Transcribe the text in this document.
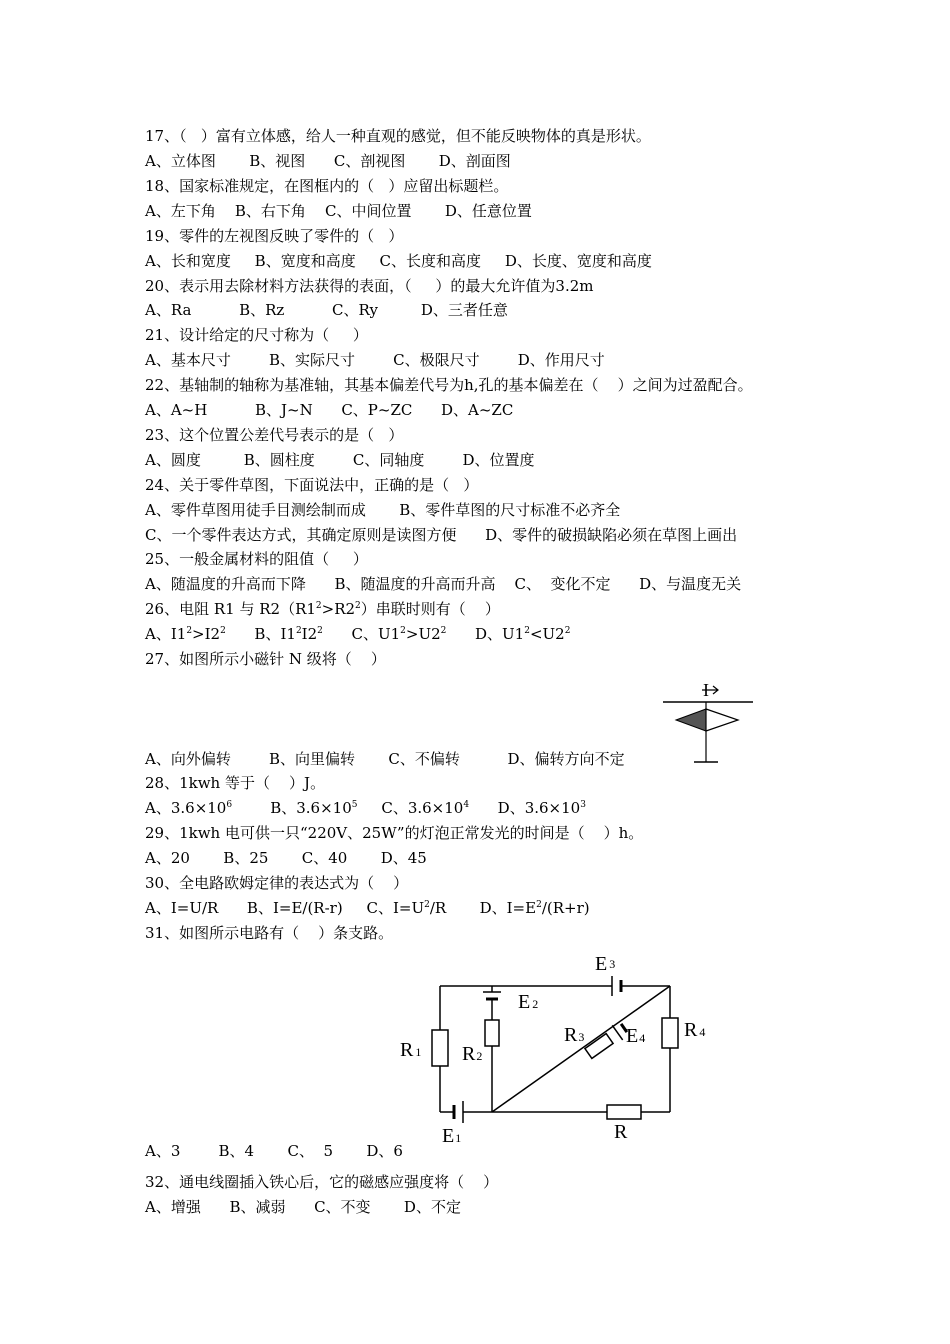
17、（   ）富有立体感，给人一种直观的感觉，但不能反映物体的真是形状。
A、立体图       B、视图      C、剖视图       D、剖面图
18、国家标准规定，在图框内的（   ）应留出标题栏。
A、左下角    B、右下角    C、中间位置       D、任意位置
19、零件的左视图反映了零件的（   ）
A、长和宽度     B、宽度和高度     C、长度和高度     D、长度、宽度和高度
20、表示用去除材料方法获得的表面，（     ）的最大允许值为3.2m
A、Ra          B、Rz          C、Ry         D、三者任意
21、设计给定的尺寸称为（     ）
A、基本尺寸        B、实际尺寸        C、极限尺寸        D、作用尺寸
22、基轴制的轴称为基准轴，其基本偏差代号为h,孔的基本偏差在（    ）之间为过盈配合。
A、A~H          B、J~N      C、P~ZC      D、A~ZC
23、这个位置公差代号表示的是（   ）
A、圆度         B、圆柱度        C、同轴度        D、位置度
24、关于零件草图，下面说法中，正确的是（   ）
A、零件草图用徒手目测绘制而成       B、零件草图的尺寸标准不必齐全
C、一个零件表达方式，其确定原则是读图方便      D、零件的破损缺陷必须在草图上画出
25、一般金属材料的阻值（     ）
A、随温度的升高而下降      B、随温度的升高而升高    C、  变化不定      D、与温度无关
26、电阻 R1 与 $R2(R1^2>R2^2)$串联时则有（    ）
A、$I1^2>I2^2$      B、$I1^2I2^2$      C、$U1^2>U2^2$      D、$U1^2<U2^2$
27、如图所示小磁针 N 级将（    ）
I
A、向外偏转        B、向里偏转       C、不偏转          D、偏转方向不定
28、1kwh 等于（    ）J。
A、$3.6\times 10^6$        B、$3.6\times 10^5$     C、$3.6\times 10^4$      D、$3.6\times 10^3$
29、1kwh 电可供一只“220V、25W”的灯泡正常发光的时间是（    ）h。
A、20       B、25       C、40       D、45
30、全电路欧姆定律的表达式为（    ）
A、I=U/R      B、I=E/(R-r)     C、$I=U^2/R$       D、$I=E^2/(R+r)$
31、如图所示电路有（    ）条支路。
E 3
E 2
R 1 R2
R3 E4 R 4
E1	R
A、3        B、4       C、  5       D、6
32、通电线圈插入铁心后，它的磁感应强度将（    ）
A、增强      B、减弱      C、不变       D、不定
